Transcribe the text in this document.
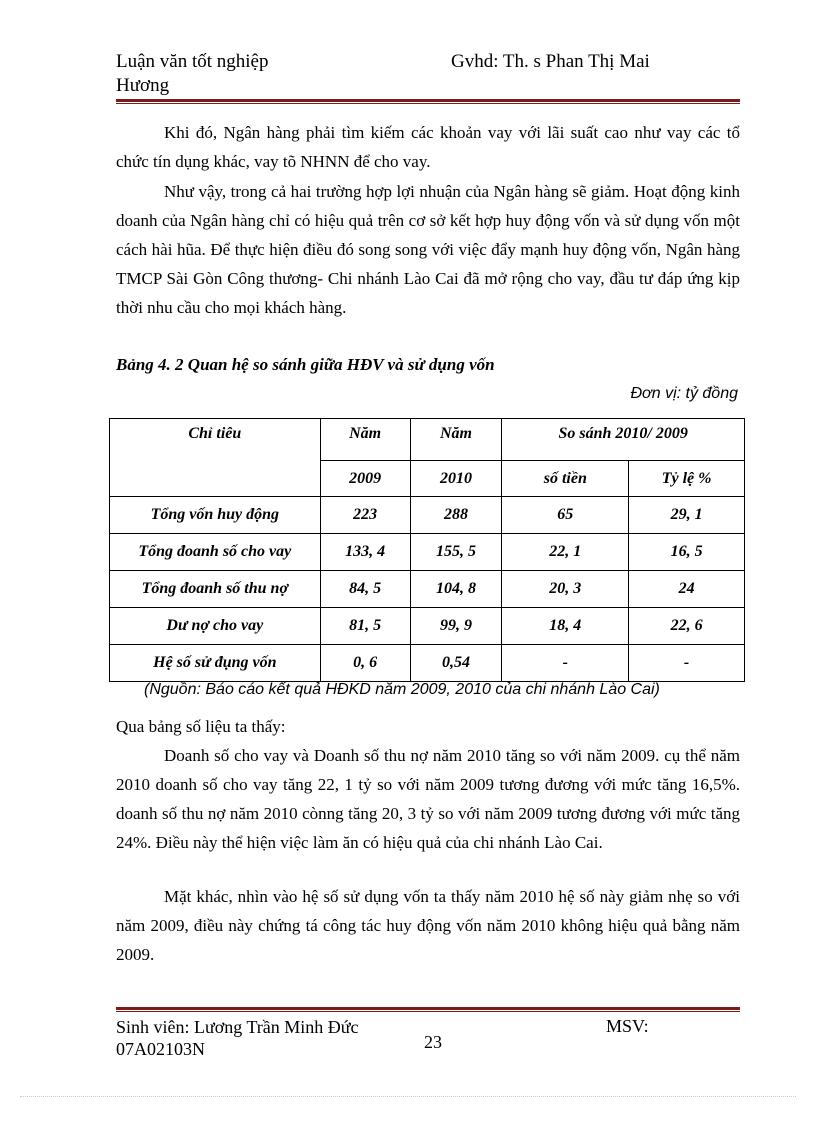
Luận văn tốt nghiệp
Hương
Gvhd: Th. s Phan Thị Mai
Khi đó, Ngân hàng phải tìm kiếm các khoản vay với lãi suất cao như vay các tổ chức tín dụng khác, vay tõ NHNN để cho vay.
Như vậy, trong cả hai trường hợp lợi nhuận của Ngân hàng sẽ giảm. Hoạt động kinh doanh của Ngân hàng chỉ có hiệu quả trên cơ sở kết hợp huy động vốn và sử dụng vốn một cách hài hũa. Để thực hiện điều đó song song với việc đẩy mạnh huy động vốn, Ngân hàng TMCP Sài Gòn Công thương- Chi nhánh Lào Cai đã mở rộng cho vay, đầu tư đáp ứng kịp thời nhu cầu cho mọi khách hàng.
Bảng 4. 2 Quan hệ so sánh giữa HĐV và sử dụng vốn
Đơn vị: tỷ đồng
Chỉ tiêu	Năm	Năm	So sánh 2010/ 2009	
	2009	2010	số tiền	Tỷ lệ %
Tổng vốn huy động	223	288	65	29, 1
Tổng đoanh số cho vay	133, 4	155, 5	22, 1	16, 5
Tổng đoanh số thu nợ	84, 5	104, 8	20, 3	24
Dư nợ cho vay	81, 5	99, 9	18, 4	22, 6
Hệ số sử đụng vốn	0, 6	0,54	-	-
(Nguồn: Báo cáo kết quả HĐKD năm 2009, 2010 của chi nhánh Lào Cai)
Qua bảng số liệu ta thấy:
Doanh số cho vay và Doanh số thu nợ năm 2010 tăng so với năm 2009. cụ thể năm 2010 doanh số cho vay tăng 22, 1 tỷ so với năm 2009 tương đương với mức tăng 16,5%. doanh số thu nợ năm 2010 cònng tăng 20, 3 tỷ so với năm 2009 tương đương với mức tăng 24%. Điều này thể hiện việc làm ăn có hiệu quả của chi nhánh Lào Cai.
Mặt khác, nhìn vào hệ số sử dụng vốn ta thấy năm 2010 hệ số này giảm nhẹ so với năm 2009, điều này chứng tá công tác huy động vốn năm 2010 không hiệu quả bằng năm 2009.
Sinh viên: Lương Trần Minh Đức
07A02103N	23
MSV:
